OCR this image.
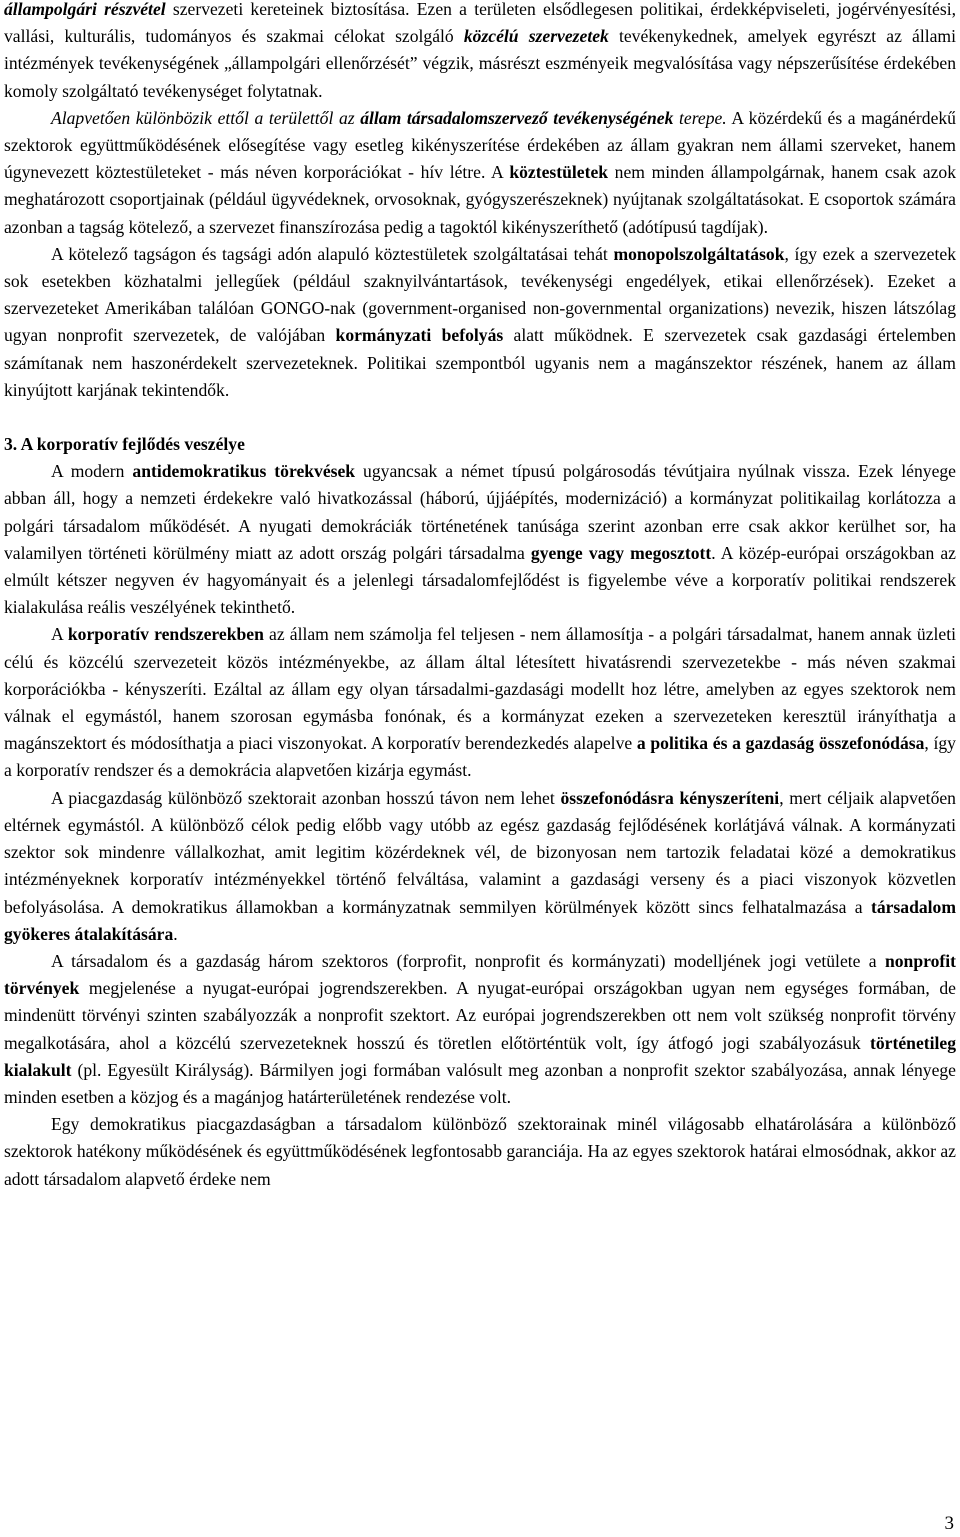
állampolgári részvétel szervezeti kereteinek biztosítása. Ezen a területen elsődlegesen politikai, érdekképviseleti, jogérvényesítési, vallási, kulturális, tudományos és szakmai célokat szolgáló közcélú szervezetek tevékenykednek, amelyek egyrészt az állami intézmények tevékenységének „állampolgári ellenőrzését” végzik, másrészt eszményeik megvalósítása vagy népszerűsítése érdekében komoly szolgáltató tevékenységet folytatnak.

Alapvetően különbözik ettől a területtől az állam társadalomszervező tevékenységének terepe. A közérdekű és a magánérdekű szektorok együttműködésének elősegítése vagy esetleg kikényszerítése érdekében az állam gyakran nem állami szerveket, hanem úgynevezett köztestületeket - más néven korporációkat - hív létre. A köztestületek nem minden állampolgárnak, hanem csak azok meghatározott csoportjainak (például ügyvédeknek, orvosoknak, gyógyszerészeknek) nyújtanak szolgáltatásokat. E csoportok számára azonban a tagság kötelező, a szervezet finanszírozása pedig a tagoktól kikényszeríthető (adótípusú tagdíjak).

A kötelező tagságon és tagsági adón alapuló köztestületek szolgáltatásai tehát monopolszolgáltatások, így ezek a szervezetek sok esetekben közhatalmi jellegűek (például szaknyilvántartások, tevékenységi engedélyek, etikai ellenőrzések). Ezeket a szervezeteket Amerikában találóan GONGO-nak (government-organised non-governmental organizations) nevezik, hiszen látszólag ugyan nonprofit szervezetek, de valójában kormányzati befolyás alatt működnek. E szervezetek csak gazdasági értelemben számítanak nem haszonérdekelt szervezeteknek. Politikai szempontból ugyanis nem a magánszektor részének, hanem az állam kinyújtott karjának tekintendők.

3. A korporatív fejlődés veszélye

A modern antidemokratikus törekvések ugyancsak a német típusú polgárosodás tévútjaira nyúlnak vissza. Ezek lényege abban áll, hogy a nemzeti érdekekre való hivatkozással (háború, újjáépítés, modernizáció) a kormányzat politikailag korlátozza a polgári társadalom működését. A nyugati demokráciák történetének tanúsága szerint azonban erre csak akkor kerülhet sor, ha valamilyen történeti körülmény miatt az adott ország polgári társadalma gyenge vagy megosztott. A közép-európai országokban az elmúlt kétszer negyven év hagyományait és a jelenlegi társadalomfejlődést is figyelembe véve a korporatív politikai rendszerek kialakulása reális veszélyének tekinthető.

A korporatív rendszerekben az állam nem számolja fel teljesen - nem államosítja - a polgári társadalmat, hanem annak üzleti célú és közcélú szervezeteit közös intézményekbe, az állam által létesített hivatásrendi szervezetekbe - más néven szakmai korporációkba - kényszeríti. Ezáltal az állam egy olyan társadalmi-gazdasági modellt hoz létre, amelyben az egyes szektorok nem válnak el egymástól, hanem szorosan egymásba fonónak, és a kormányzat ezeken a szervezeteken keresztül irányíthatja a magánszektort és módosíthatja a piaci viszonyokat. A korporatív berendezkedés alapelve a politika és a gazdaság összefonódása, így a korporatív rendszer és a demokrácia alapvetően kizárja egymást.

A piacgazdaság különböző szektorait azonban hosszú távon nem lehet összefonódásra kényszeríteni, mert céljaik alapvetően eltérnek egymástól. A különböző célok pedig előbb vagy utóbb az egész gazdaság fejlődésének korlátjává válnak. A kormányzati szektor sok mindenre vállalkozhat, amit legitim közérdeknek vél, de bizonyosan nem tartozik feladatai közé a demokratikus intézményeknek korporatív intézményekkel történő felváltása, valamint a gazdasági verseny és a piaci viszonyok közvetlen befolyásolása. A demokratikus államokban a kormányzatnak semmilyen körülmények között sincs felhatalmazása a társadalom gyökeres átalakítására.

A társadalom és a gazdaság három szektoros (forprofit, nonprofit és kormányzati) modelljének jogi vetülete a nonprofit törvények megjelenése a nyugat-európai jogrendszerekben. A nyugat-európai országokban ugyan nem egységes formában, de mindenütt törvényi szinten szabályozzák a nonprofit szektort. Az európai jogrendszerekben ott nem volt szükség nonprofit törvény megalkotására, ahol a közcélú szervezeteknek hosszú és töretlen előtörténtük volt, így átfogó jogi szabályozásuk történetileg kialakult (pl. Egyesült Királyság). Bármilyen jogi formában valósult meg azonban a nonprofit szektor szabályozása, annak lényege minden esetben a közjog és a magánjog határterületének rendezése volt.

Egy demokratikus piacgazdaságban a társadalom különböző szektorainak minél világosabb elhatárolására a különböző szektorok hatékony működésének és együttműködésének legfontosabb garanciája. Ha az egyes szektorok határai elmosódnak, akkor az adott társadalom alapvető érdeke nem

3
